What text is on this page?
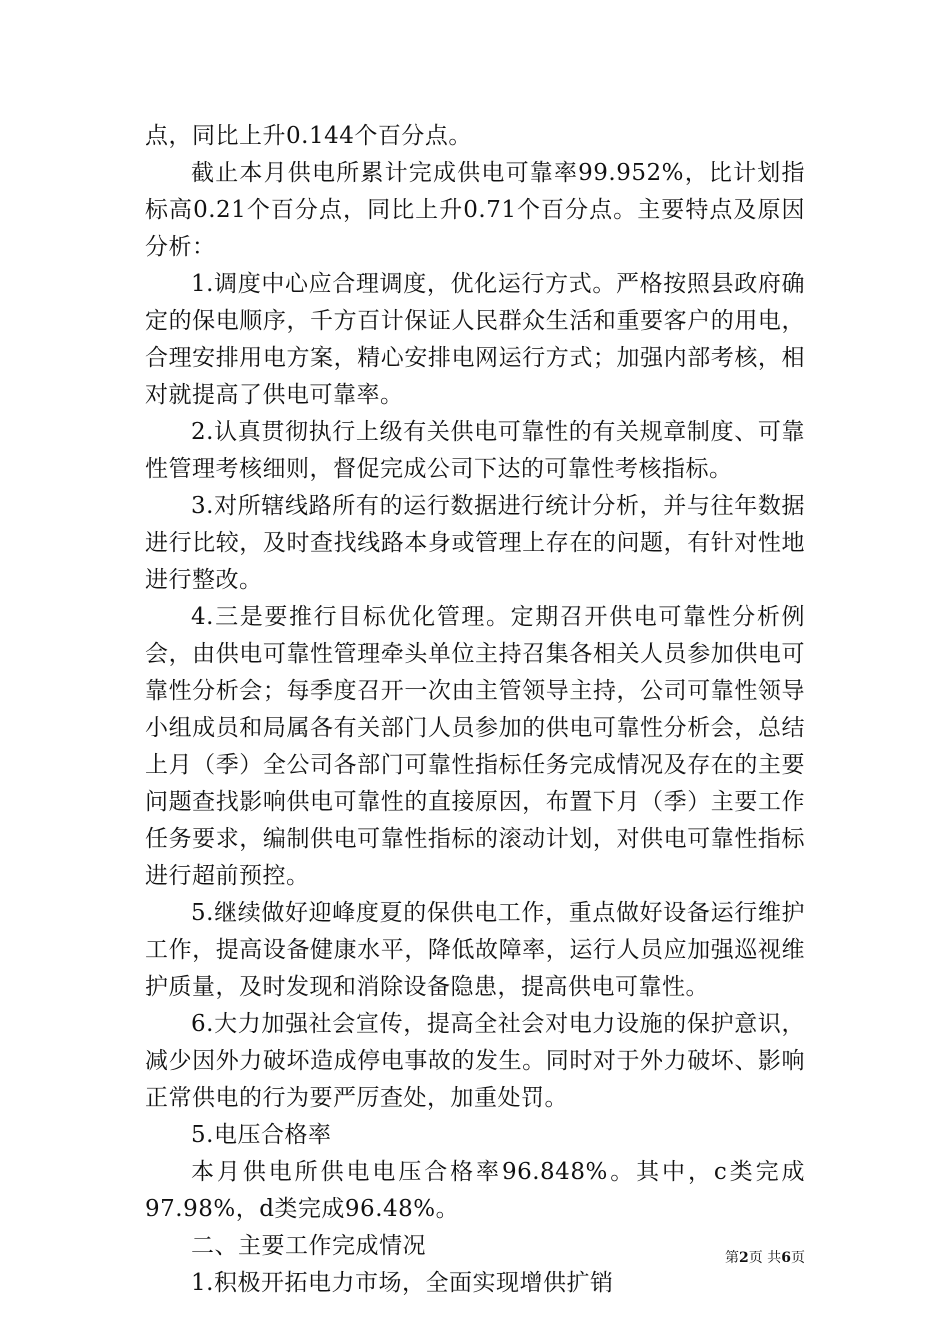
点，同比上升0.144个百分点。

截止本月供电所累计完成供电可靠率99.952%，比计划指标高0.21个百分点，同比上升0.71个百分点。主要特点及原因分析：

1.调度中心应合理调度，优化运行方式。严格按照县政府确定的保电顺序，千方百计保证人民群众生活和重要客户的用电，合理安排用电方案，精心安排电网运行方式；加强内部考核，相对就提高了供电可靠率。

2.认真贯彻执行上级有关供电可靠性的有关规章制度、可靠性管理考核细则，督促完成公司下达的可靠性考核指标。

3.对所辖线路所有的运行数据进行统计分析，并与往年数据进行比较，及时查找线路本身或管理上存在的问题，有针对性地进行整改。

4.三是要推行目标优化管理。定期召开供电可靠性分析例会，由供电可靠性管理牵头单位主持召集各相关人员参加供电可靠性分析会；每季度召开一次由主管领导主持，公司可靠性领导小组成员和局属各有关部门人员参加的供电可靠性分析会，总结上月（季）全公司各部门可靠性指标任务完成情况及存在的主要问题查找影响供电可靠性的直接原因，布置下月（季）主要工作任务要求，编制供电可靠性指标的滚动计划，对供电可靠性指标进行超前预控。

5.继续做好迎峰度夏的保供电工作，重点做好设备运行维护工作，提高设备健康水平，降低故障率，运行人员应加强巡视维护质量，及时发现和消除设备隐患，提高供电可靠性。

6.大力加强社会宣传，提高全社会对电力设施的保护意识，减少因外力破坏造成停电事故的发生。同时对于外力破坏、影响正常供电的行为要严厉查处，加重处罚。

5.电压合格率

本月供电所供电电压合格率96.848%。其中，c类完成97.98%，d类完成96.48%。

二、主要工作完成情况

1.积极开拓电力市场，全面实现增供扩销

第2页 共6页
